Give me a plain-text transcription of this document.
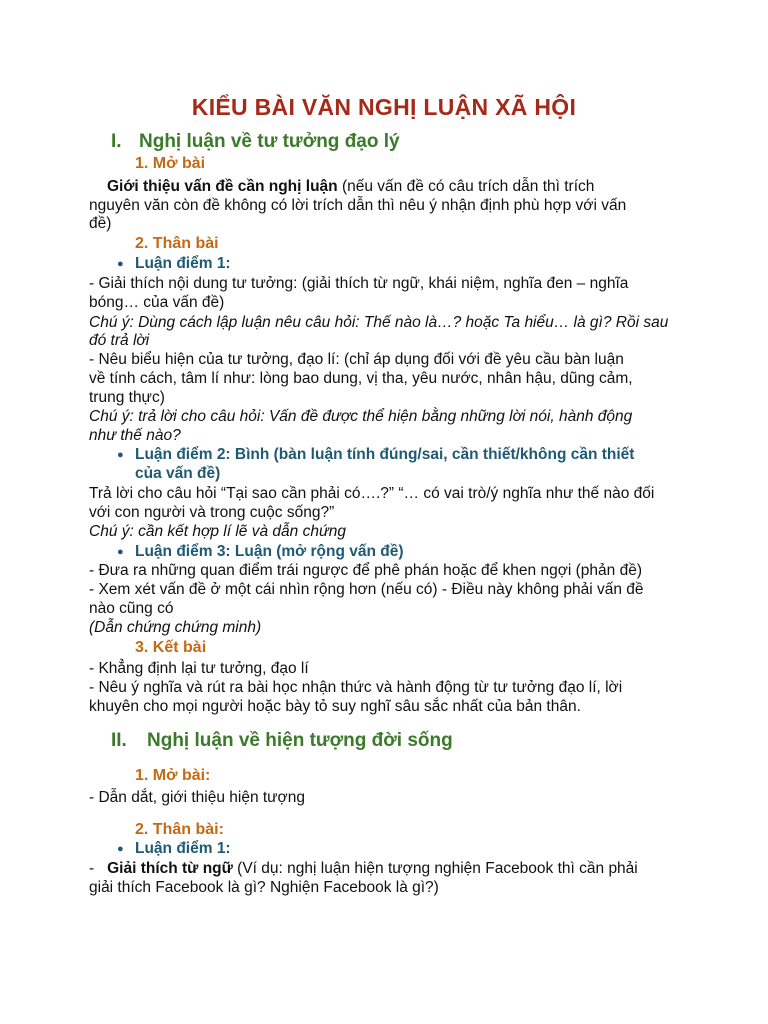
KIỂU BÀI VĂN NGHỊ LUẬN XÃ HỘI
I. Nghị luận về tư tưởng đạo lý
1. Mở bài
Giới thiệu vấn đề cần nghị luận (nếu vấn đề có câu trích dẫn thì trích
nguyên văn còn đề không có lời trích dẫn thì nêu ý nhận định phù hợp với vấn
đề)
2. Thân bài
● Luận điểm 1:
- Giải thích nội dung tư tưởng: (giải thích từ ngữ, khái niệm, nghĩa đen – nghĩa
bóng… của vấn đề)
Chú ý: Dùng cách lập luận nêu câu hỏi: Thế nào là…? hoặc Ta hiểu… là gì? Rồi sau
đó trả lời
- Nêu biểu hiện của tư tưởng, đạo lí: (chỉ áp dụng đối với đề yêu cầu bàn luận
về tính cách, tâm lí như: lòng bao dung, vị tha, yêu nước, nhân hậu, dũng cảm,
trung thực)
Chú ý: trả lời cho câu hỏi: Vấn đề được thể hiện bằng những lời nói, hành động
như thế nào?
● Luận điểm 2: Bình (bàn luận tính đúng/sai, cần thiết/không cần thiết
của vấn đề)
Trả lời cho câu hỏi “Tại sao cần phải có….?” “… có vai trò/ý nghĩa như thế nào đối
với con người và trong cuộc sống?”
Chú ý: cần kết hợp lí lẽ và dẫn chứng
● Luận điểm 3: Luận (mở rộng vấn đề)
- Đưa ra những quan điểm trái ngược để phê phán hoặc để khen ngợi (phản đề)
- Xem xét vấn đề ở một cái nhìn rộng hơn (nếu có) - Điều này không phải vấn đề
nào cũng có
(Dẫn chứng chứng minh)
3. Kết bài
- Khẳng định lại tư tưởng, đạo lí
- Nêu ý nghĩa và rút ra bài học nhận thức và hành động từ tư tưởng đạo lí, lời
khuyên cho mọi người hoặc bày tỏ suy nghĩ sâu sắc nhất của bản thân.
II. Nghị luận về hiện tượng đời sống
1. Mở bài:
- Dẫn dắt, giới thiệu hiện tượng
2. Thân bài:
● Luận điểm 1:
-   Giải thích từ ngữ (Ví dụ: nghị luận hiện tượng nghiện Facebook thì cần phải
giải thích Facebook là gì? Nghiện Facebook là gì?)
